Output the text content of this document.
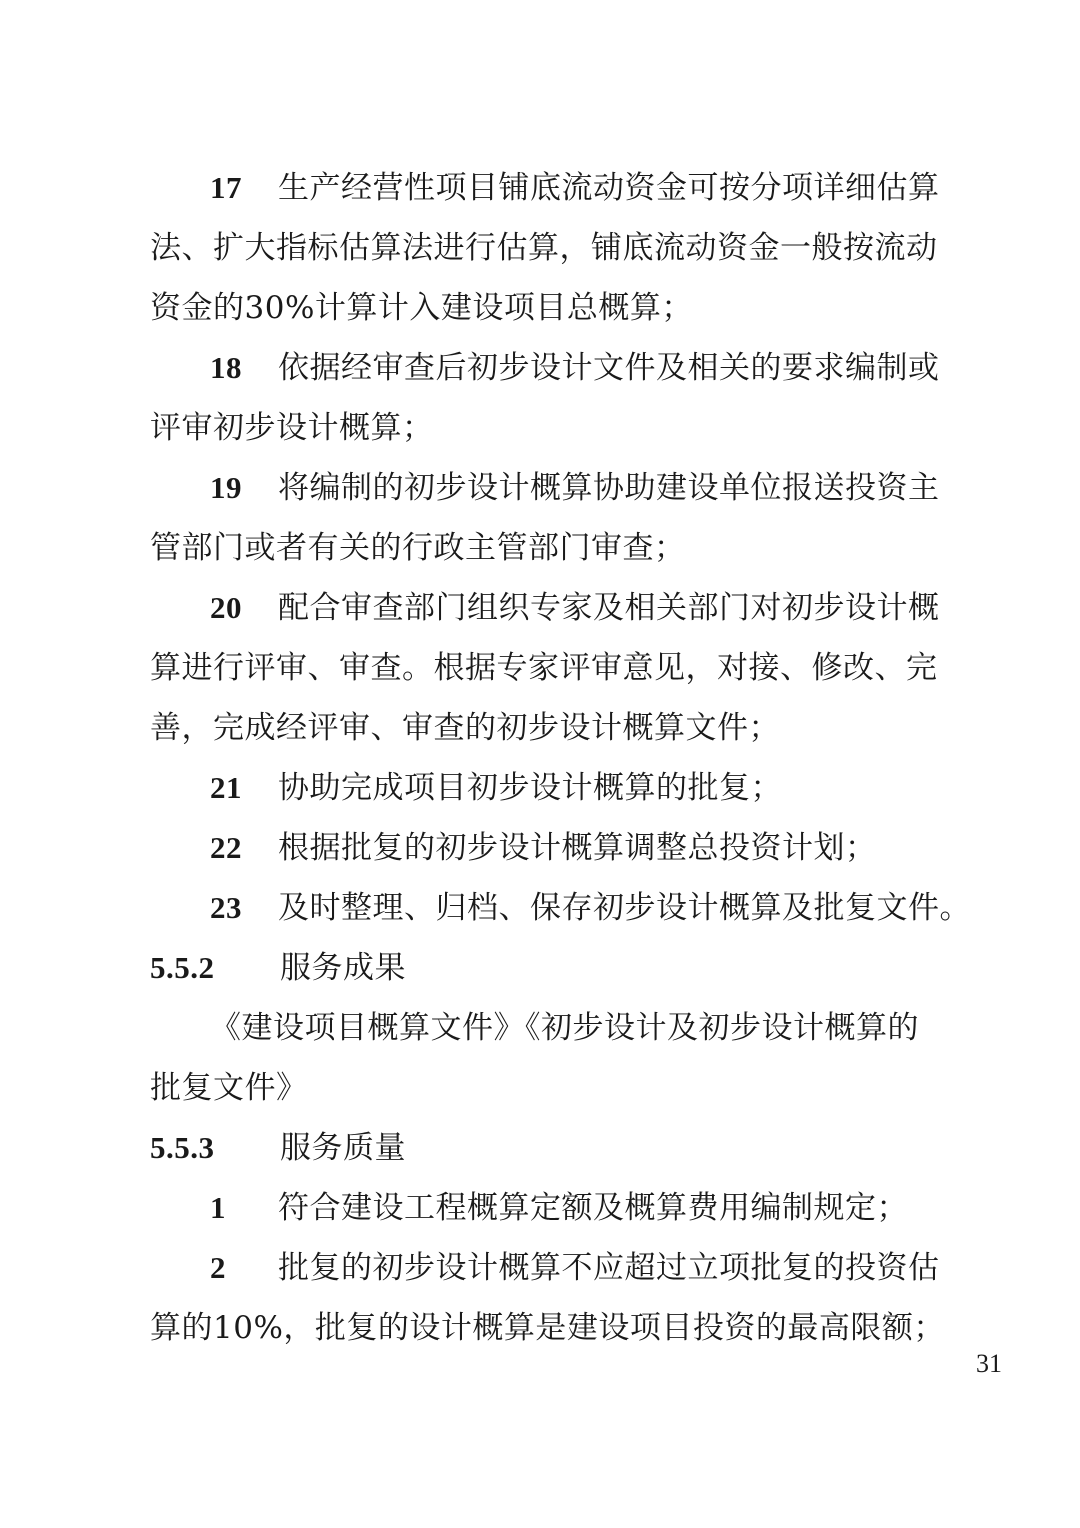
17 生产经营性项目铺底流动资金可按分项详细估算
法、扩大指标估算法进行估算，铺底流动资金一般按流动
资金的30%计算计入建设项目总概算；
18 依据经审查后初步设计文件及相关的要求编制或
评审初步设计概算；
19 将编制的初步设计概算协助建设单位报送投资主
管部门或者有关的行政主管部门审查；
20 配合审查部门组织专家及相关部门对初步设计概
算进行评审、审查。根据专家评审意见，对接、修改、完
善，完成经评审、审查的初步设计概算文件；
21 协助完成项目初步设计概算的批复；
22 根据批复的初步设计概算调整总投资计划；
23 及时整理、归档、保存初步设计概算及批复文件。
5.5.2 服务成果
《建设项目概算文件》《初步设计及初步设计概算的
批复文件》
5.5.3 服务质量
1 符合建设工程概算定额及概算费用编制规定；
2 批复的初步设计概算不应超过立项批复的投资估
算的10%，批复的设计概算是建设项目投资的最高限额；
31
